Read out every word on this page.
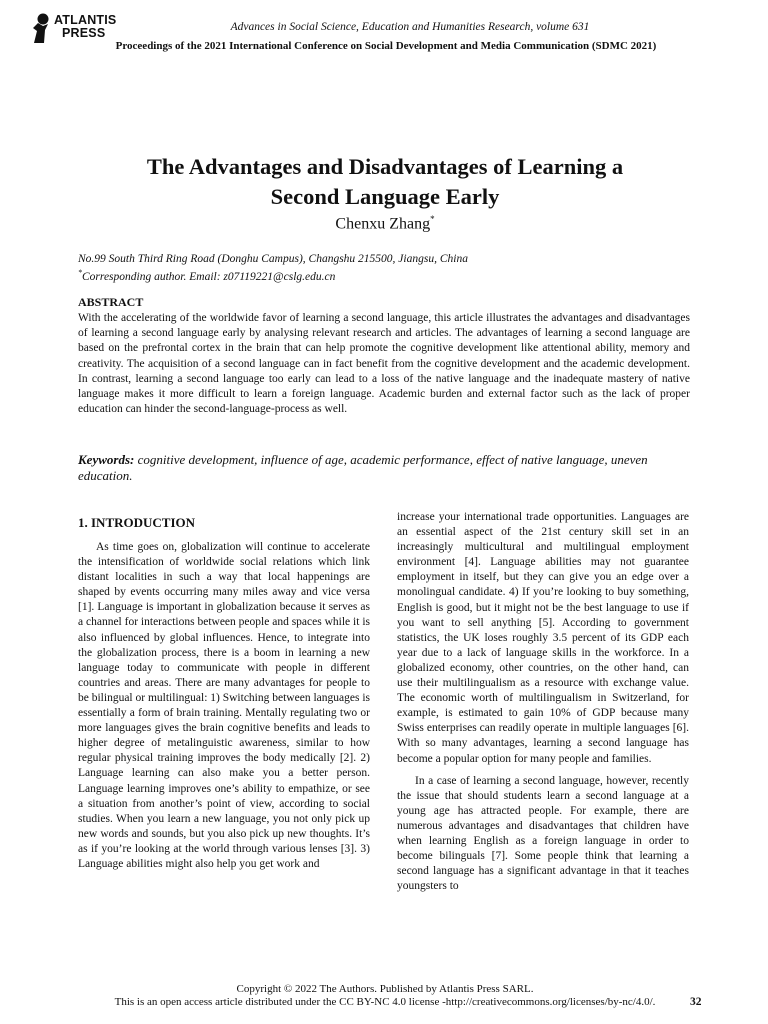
ATLANTIS
PRESS	Advances in Social Science, Education and Humanities Research, volume 631
Proceedings of the 2021 International Conference on Social Development and Media Communication (SDMC 2021)
The Advantages and Disadvantages of Learning a
Second Language Early
Chenxu Zhang*
No.99 South Third Ring Road (Donghu Campus), Changshu 215500, Jiangsu, China
*Corresponding author. Email: z07119221@cslg.edu.cn
ABSTRACT
With the accelerating of the worldwide favor of learning a second language, this article illustrates the advantages and disadvantages of learning a second language early by analysing relevant research and articles. The advantages of learning a second language are based on the prefrontal cortex in the brain that can help promote the cognitive development like attentional ability, memory and creativity. The acquisition of a second language can in fact benefit from the cognitive development and the academic development. In contrast, learning a second language too early can lead to a loss of the native language and the inadequate mastery of native language makes it more difficult to learn a foreign language. Academic burden and external factor such as the lack of proper education can hinder the second-language-process as well.
Keywords: cognitive development, influence of age, academic performance, effect of native language, uneven education.
1. INTRODUCTION

As time goes on, globalization will continue to accelerate the intensification of worldwide social relations which link distant localities in such a way that local happenings are shaped by events occurring many miles away and vice versa [1]. Language is important in globalization because it serves as a channel for interactions between people and spaces while it is also influenced by global influences. Hence, to integrate into the globalization process, there is a boom in learning a new language today to communicate with people in different countries and areas. There are many advantages for people to be bilingual or multilingual: 1) Switching between languages is essentially a form of brain training. Mentally regulating two or more languages gives the brain cognitive benefits and leads to higher degree of metalinguistic awareness, similar to how regular physical training improves the body medically [2]. 2) Language learning can also make you a better person. Language learning improves one’s ability to empathize, or see a situation from another’s point of view, according to social studies. When you learn a new language, you not only pick up new words and sounds, but you also pick up new thoughts. It’s as if you’re looking at the world through various lenses [3]. 3) Language abilities might also help you get work and

increase your international trade opportunities. Languages are an essential aspect of the 21st century skill set in an increasingly multicultural and multilingual employment environment [4]. Language abilities may not guarantee employment in itself, but they can give you an edge over a monolingual candidate. 4) If you’re looking to buy something, English is good, but it might not be the best language to use if you want to sell anything [5]. According to government statistics, the UK loses roughly 3.5 percent of its GDP each year due to a lack of language skills in the workforce. In a globalized economy, other countries, on the other hand, can use their multilingualism as a resource with exchange value. The economic worth of multilingualism in Switzerland, for example, is estimated to gain 10% of GDP because many Swiss enterprises can readily operate in multiple languages [6]. With so many advantages, learning a second language has become a popular option for many people and families.

In a case of learning a second language, however, recently the issue that should students learn a second language at a young age has attracted people. For example, there are numerous advantages and disadvantages that children have when learning English as a foreign language in order to become bilinguals [7]. Some people think that learning a second language has a significant advantage in that it teaches youngsters to

Copyright © 2022 The Authors. Published by Atlantis Press SARL.
This is an open access article distributed under the CC BY-NC 4.0 license -http://creativecommons.org/licenses/by-nc/4.0/.	32
